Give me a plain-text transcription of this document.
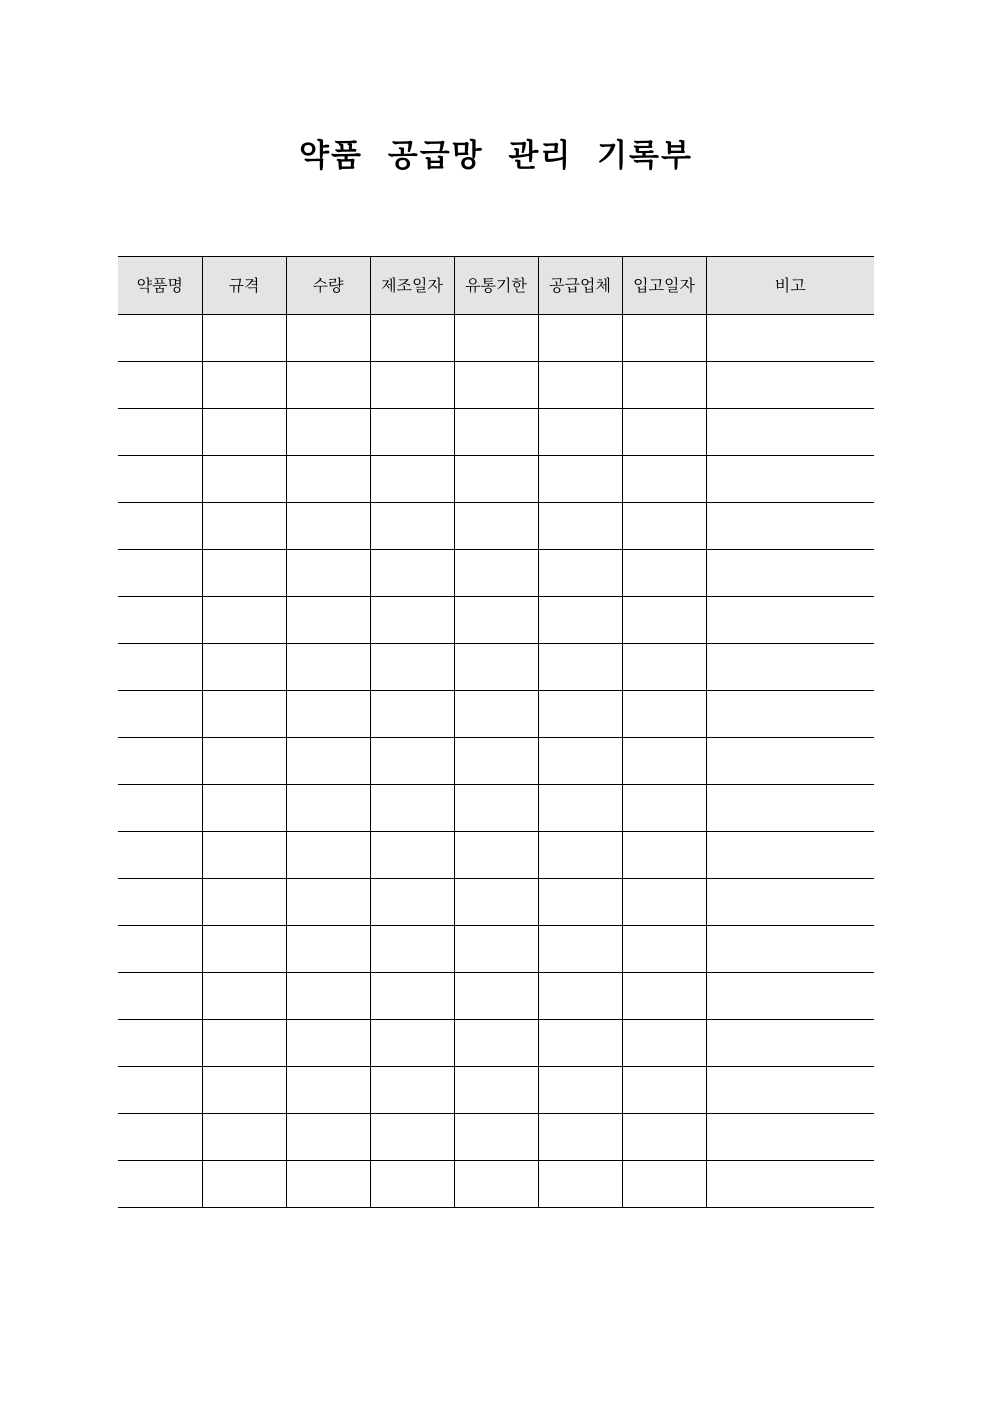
약품 공급망 관리 기록부
약품명	규격	수량	제조일자	유통기한	공급업체	입고일자	비고
